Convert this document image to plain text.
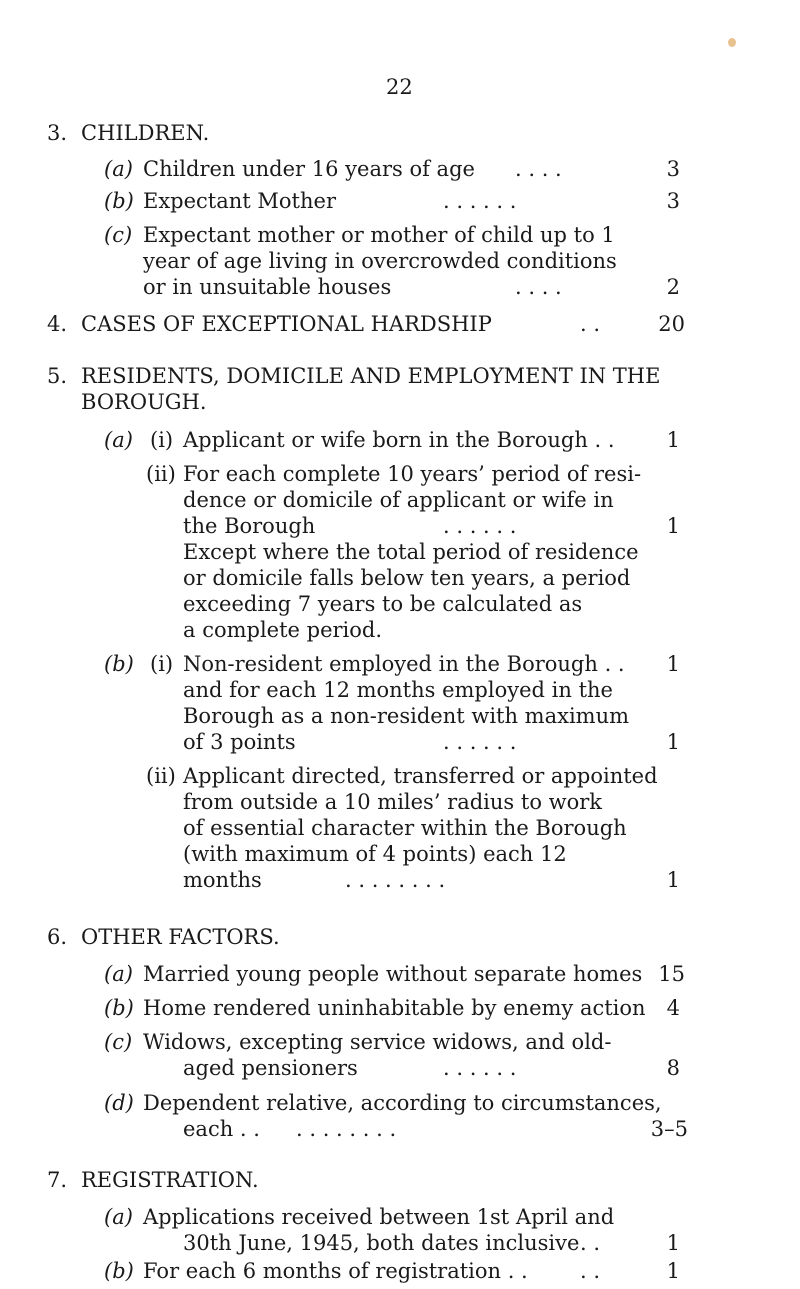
22
3. CHILDREN.
(a) Children under 16 years of age . . . .	3
(b) Expectant Mother	. . . . . .	3
(c) Expectant mother or mother of child up to 1
year of age living in overcrowded conditions
or in unsuitable houses	. . . .	2
4. CASES OF EXCEPTIONAL HARDSHIP	. .	20
5. RESIDENTS, DOMICILE AND EMPLOYMENT IN THE
BOROUGH.
(a) (i) Applicant or wife born in the Borough . . 1
(ii) For each complete 10 years’ period of resi-
dence or domicile of applicant or wife in
the Borough	. . . . . .	1
Except where the total period of residence
or domicile falls below ten years, a period
exceeding 7 years to be calculated as
a complete period.
(b) (i) Non-resident employed in the Borough . . 1
and for each 12 months employed in the
Borough as a non-resident with maximum
of 3 points	. . . . . .	1
(ii) Applicant directed, transferred or appointed
from outside a 10 miles’ radius to work
of essential character within the Borough
(with maximum of 4 points) each 12
months	. . . . . . . .	1
6. OTHER FACTORS.
(a) Married young people without separate homes 15
(b) Home rendered uninhabitable by enemy action 4
(c) Widows, excepting service widows, and old-
aged pensioners	. . . . . .	8
(d) Dependent relative, according to circumstances,
each . . . . . . . . . .	3–5
7. REGISTRATION.
(a) Applications received between 1st April and
30th June, 1945, both dates inclusive . .	1
(b) For each 6 months of registration . . . .	1
